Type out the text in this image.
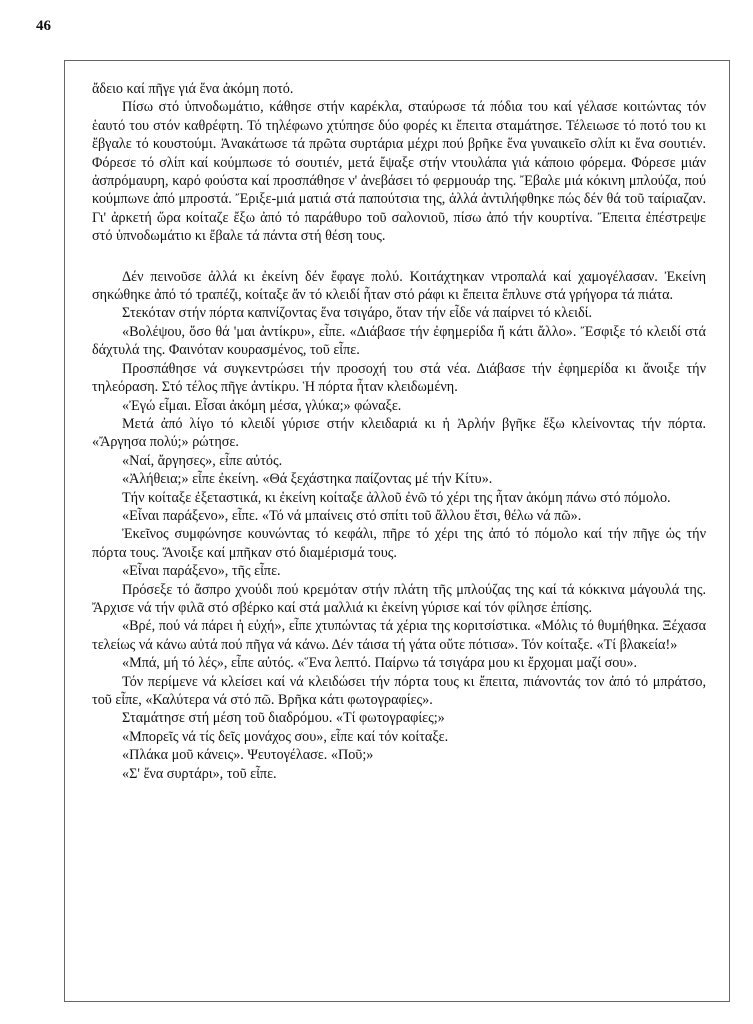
46

ἄδειο καί πῆγε γιά ἕνα ἀκόμη ποτό.

Πίσω στό ὑπνοδωμάτιο, κάθησε στήν καρέκλα, σταύρωσε τά πόδια του καί γέλασε κοιτώντας τόν ἑαυτό τoυ στόν καθρέφτη. Τό τηλέφωνο χτύπησε δύο φορές κι ἔπειτα σταμάτησε. Τέλειωσε τό ποτό του κι ἔβγαλε τό κουστούμι. Ἀνακάτωσε τά πρῶτα συρτάρια μέχρι πού βρῆκε ἕνα γυναικεῖο σλίπ κι ἕνα σουτιέν. Φόρεσε τό σλίπ καί κούμπωσε τό σουτιέν, μετά ἔψαξε στήν ντουλάπα γιά κάποιο φόρεμα. Φόρεσε μιάν ἀσπρόμαυρη, καρό φούστα καί προσπάθησε ν' ἀνεβάσει τό φερμουάρ της. Ἔβαλε μιά κόκινη μπλούζα, πού κούμπωνε ἀπό μπροστά. Ἔριξε-μιά ματιά στά παπούτσια της, ἀλλά ἀντιλήφθηκε πώς δέν θά τοῦ ταίριαζαν. Γι' ἀρκετή ὥρα κοίταζε ἔξω ἀπό τό παράθυρο τοῦ σαλονιοῦ, πίσω ἀπό τήν κουρτίνα. Ἔπειτα ἐπέστρεψε στό ὑπνοδωμάτιο κι ἔβαλε τά πάντα στή θέση τους.

Δέν πεινοῦσε ἀλλά κι ἐκείνη δέν ἔφαγε πολύ. Κοιτάχτηκαν ντροπαλά καί χαμογέλασαν. Ἐκείνη σηκώθηκε ἀπό τό τραπέζι, κοίταξε ἄν τό κλειδί ἦταν στό ράφι κι ἔπειτα ἔπλυνε στά γρήγορα τά πιάτα.

Στεκόταν στήν πόρτα καπνίζοντας ἕνα τσιγάρο, ὅταν τήν εἶδε νά παίρνει τό κλειδί.

«Βολέψου, ὅσο θά 'μαι ἀντίκρυ», εἶπε. «Διάβασε τήν ἐφημερίδα ἤ κάτι ἄλλο». Ἔσφιξε τό κλειδί στά δάχτυλά της. Φαινόταν κουρασμένος, τοῦ εἶπε.

Προσπάθησε νά συγκεντρώσει τήν προσοχή του στά νέα. Διάβασε τήν ἐφημερίδα κι ἄνοιξε τήν τηλεόραση. Στό τέλος πῆγε ἀντίκρυ. Ἡ πόρτα ἦταν κλειδωμένη.

«Ἐγώ εἶμαι. Εἶσαι ἀκόμη μέσα, γλύκα;» φώναξε.

Μετά ἀπό λίγο τό κλειδί γύρισε στήν κλειδαριά κι ἡ Ἀρλήν βγῆκε ἔξω κλείνοντας τήν πόρτα. «Ἄργησα πολύ;» ρώτησε.

«Ναί, ἄργησες», εἶπε αὐτός.

«Ἀλήθεια;» εἶπε ἐκείνη. «Θά ξεχάστηκα παίζοντας μέ τήν Κίτυ».

Τήν κοίταξε ἐξεταστικά, κι ἐκείνη κοίταξε ἀλλοῦ ἐνῶ τό χέρι της ἦταν ἀκόμη πάνω στό πόμολο.

«Εἶναι παράξενο», εἶπε. «Τό νά μπαίνεις στό σπίτι τοῦ ἄλλου ἔτσι, θέλω νά πῶ».

Ἐκεῖνος συμφώνησε κουνώντας τό κεφάλι, πῆρε τό χέρι της ἀπό τό πόμολο καί τήν πῆγε ὡς τήν πόρτα τους. Ἄνοιξε καί μπῆκαν στό διαμέρισμά τους.

«Εἶναι παράξενο», τῆς εἶπε.

Πρόσεξε τό ἄσπρο χνούδι πού κρεμόταν στήν πλάτη τῆς μπλούζας της καί τά κόκκινα μάγουλά της. Ἄρχισε νά τήν φιλᾶ στό σβέρκο καί στά μαλλιά κι ἐκείνη γύρισε καί τόν φίλησε ἐπίσης.

«Βρέ, πού νά πάρει ἡ εὐχή», εἶπε χτυπώντας τά χέρια της κοριτσίστικα. «Μόλις τό θυμήθηκα. Ξέχασα τελείως νά κάνω αὐτά πού πῆγα νά κάνω. Δέν τάισα τή γάτα οὔτε πότισα». Τόν κοίταξε. «Τί βλακεία!»

«Μπά, μή τό λές», εἶπε αὐτός. «Ἕνα λεπτό. Παίρνω τά τσιγάρα μου κι ἔρχομαι μαζί σου».

Τόν περίμενε νά κλείσει καί νά κλειδώσει τήν πόρτα τους κι ἔπειτα, πιάνοντάς τον ἀπό τό μπράτσο, τοῦ εἶπε, «Καλύτερα νά στό πῶ. Βρῆκα κάτι φωτογραφίες».

Σταμάτησε στή μέση τοῦ διαδρόμου. «Τί φωτογραφίες;»

«Μπορεῖς νά τίς δεῖς μονάχος σου», εἶπε καί τόν κοίταξε.

«Πλάκα μοῦ κάνεις». Ψευτογέλασε. «Ποῦ;»

«Σ' ἕνα συρτάρι», τοῦ εἶπε.
